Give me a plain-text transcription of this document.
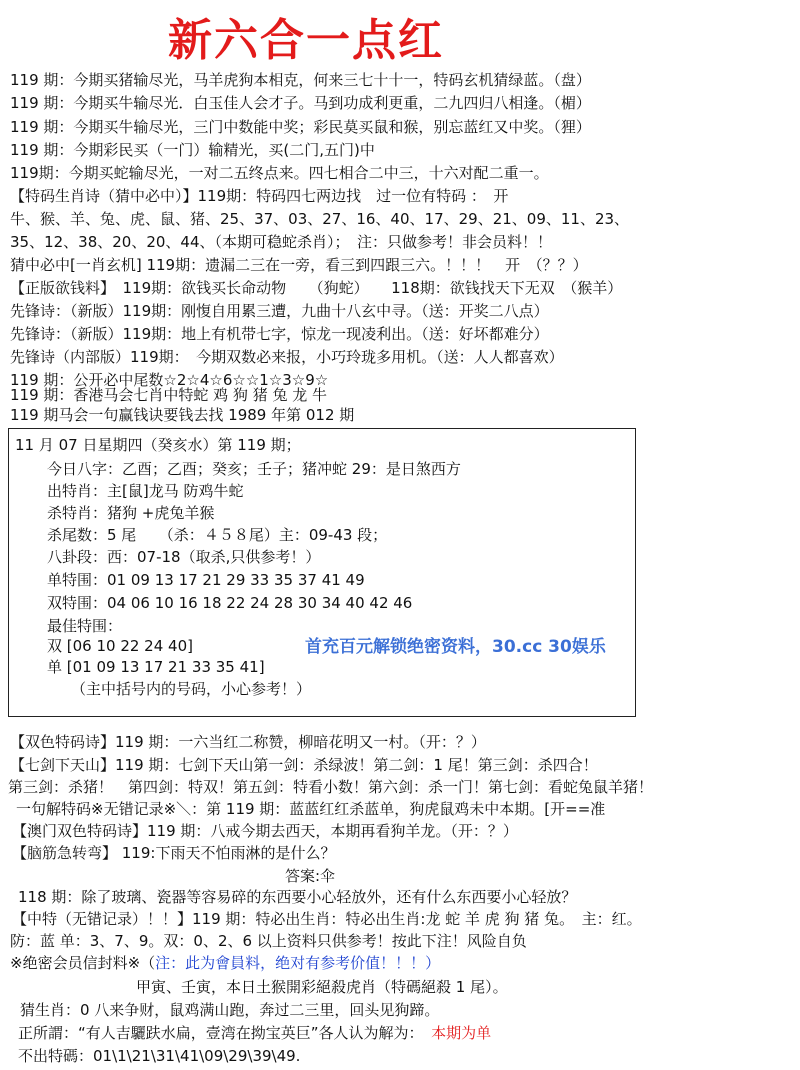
新六合一点红
119 期：今期买猪输尽光，马羊虎狗本相克，何来三七十十一，特码玄机猜绿蓝。（盘）
119 期：今期买牛输尽光．白玉佳人会才子。马到功成利更重，二九四归八相逢。（楣）
119 期：今期买牛输尽光，三门中数能中奖；彩民莫买鼠和猴，别忘蓝红又中奖。（狸）
119 期：今期彩民买（一门）输精光，买(二门,五门)中
119期：今期买蛇输尽光，一对二五终点来。四七相合二中三，十六对配二重一。
【特码生肖诗（猜中必中）】119期：特码四七两边找　过一位有特码 ：　开
牛、猴、羊、兔、虎、鼠、猪、25、37、03、27、16、40、17、29、21、09、11、23、
35、12、38、20、20、44、（本期可稳蛇杀肖）；　注：只做参考！非会员料！！
猜中必中[一肖玄机] 119期：遗漏二三在一旁，看三到四跟三六。！！！　开　（？？）
【正版欲钱料】　119期：欲钱买长命动物　　（狗蛇）　　118期：欲钱找天下无双　（猴羊）
先锋诗：（新版）119期：刚愎自用累三遭，九曲十八玄中寻。（送：开奖二八点）
先锋诗：（新版）119期：地上有机带七字，惊龙一现凌利出。（送：好坏都难分）
先锋诗（内部版）119期：　今期双数必来报，小巧玲珑多用机。（送：人人都喜欢）
119 期：公开必中尾数☆2☆4☆6☆☆1☆3☆9☆
119 期：香港马会七肖中特蛇 鸡 狗 猪 兔 龙 牛
119 期马会一句赢钱诀要钱去找 1989 年第 012 期
11 月 07 日星期四（癸亥水）第 119 期；
今日八字：乙酉；乙酉；癸亥；壬子；猪冲蛇 29：是日煞西方
出特肖：主[鼠]龙马 防鸡牛蛇
杀特肖：猪狗 +虎兔羊猴
杀尾数：5 尾　　（杀：４５８尾）主：09-43 段；
八卦段：西：07-18（取杀,只供参考！）
单特围：01 09 13 17 21 29 33 35 37 41 49
双特围：04 06 10 16 18 22 24 28 30 34 40 42 46
最佳特围：
双 [06 10 22 24 40]
单 [01 09 13 17 21 33 35 41]
（主中括号内的号码，小心参考！）
首充百元解锁绝密资料，30.cc 30娱乐
【双色特码诗】119 期：一六当红二称赞，柳暗花明又一村。（开：？）
【七剑下天山】119 期：七剑下天山第一剑：杀绿波！第二剑：1 尾！第三剑：杀四合！
第三剑：杀猪！　第四剑：特双！第五剑：特看小数！第六剑：杀一门！第七剑：看蛇兔鼠羊猪！
一句解特码※无错记录※＼：第 119 期：蓝蓝红红杀蓝单，狗虎鼠鸡未中本期。[开==准
【澳门双色特码诗】119 期：八戒今期去西天，本期再看狗羊龙。（开：？）
【脑筋急转弯】 119:下雨天不怕雨淋的是什么？
答案:伞
118 期：除了玻璃、瓷器等容易碎的东西要小心轻放外，还有什么东西要小心轻放？
【中特（无错记录）！！】119 期：特必出生肖：特必出生肖:龙 蛇 羊 虎 狗 猪 兔。　主：红。
防：蓝 单：3、7、9。双：0、2、6 以上资料只供参考！按此下注！风险自负
※绝密会员信封料※（注：此为會員料，绝对有参考价值！！！）
甲寅、壬寅，本日土猴開彩絕殺虎肖（特碼絕殺 1 尾）。
猜生肖：0 八来争财，鼠鸡满山跑，奔过二三里，回头见狗蹄。
正所謂：“有人吉驪趺水扁，壹湾在拗宝英巨”各人认为解为：　 本期为单
不出特碼：01\1\21\31\41\09\29\39\49.
